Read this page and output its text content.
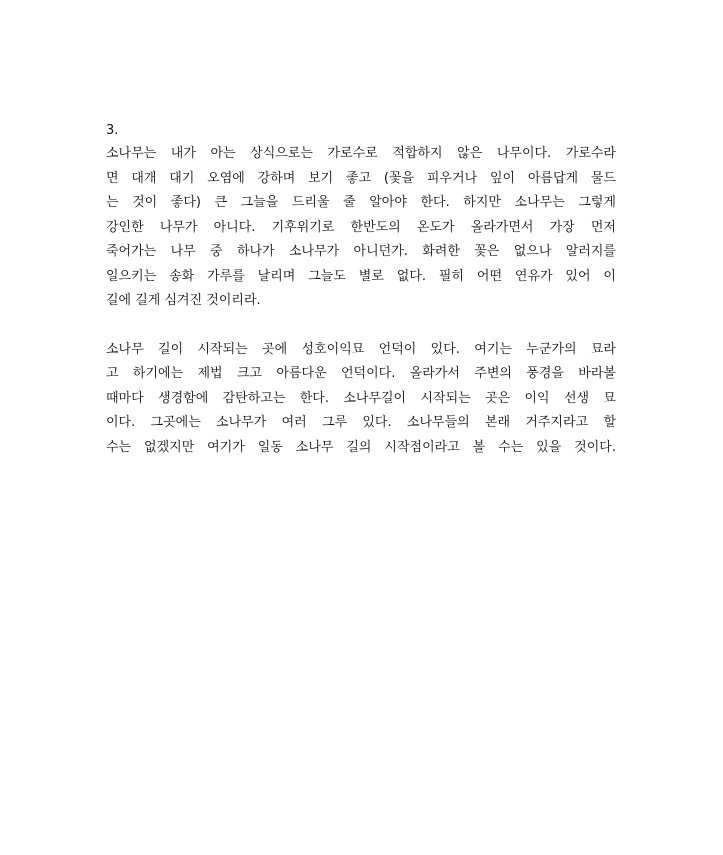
3.

소나무는 내가 아는 상식으로는 가로수로 적합하지 않은 나무이다. 가로수라
면 대개 대기 오염에 강하며 보기 좋고 (꽃을 피우거나 잎이 아름답게 물드
는 것이 좋다) 큰 그늘을 드리울 줄 알아야 한다. 하지만 소나무는 그렇게
강인한 나무가 아니다. 기후위기로 한반도의 온도가 올라가면서 가장 먼저
죽어가는 나무 중 하나가 소나무가 아니던가. 화려한 꽃은 없으나 알러지를
일으키는 송화 가루를 날리며 그늘도 별로 없다. 필히 어떤 연유가 있어 이
길에 길게 심겨진 것이리라.
소나무 길이 시작되는 곳에 성호이익묘 언덕이 있다. 여기는 누군가의 묘라
고 하기에는 제법 크고 아름다운 언덕이다. 올라가서 주변의 풍경을 바라볼
때마다 생경함에 감탄하고는 한다. 소나무길이 시작되는 곳은 이익 선생 묘
이다. 그곳에는 소나무가 여러 그루 있다. 소나무들의 본래 거주지라고 할
수는 없겠지만 여기가 일동 소나무 길의 시작점이라고 볼 수는 있을 것이다.
